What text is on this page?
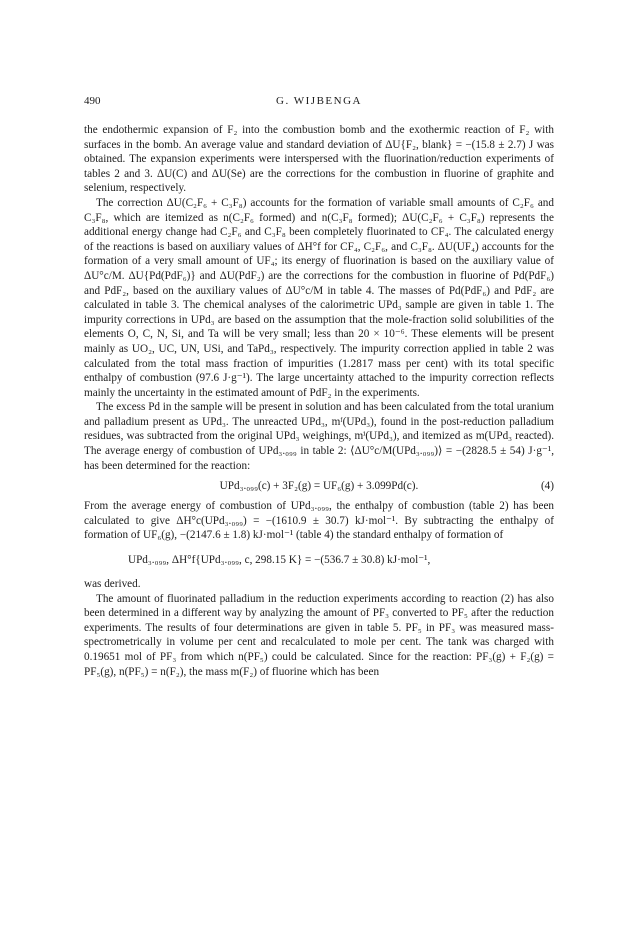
490	G. WIJBENGA

the endothermic expansion of F₂ into the combustion bomb and the exothermic reaction of F₂ with surfaces in the bomb. An average value and standard deviation of ΔU{F₂, blank} = −(15.8 ± 2.7) J was obtained. The expansion experiments were interspersed with the fluorination/reduction experiments of tables 2 and 3. ΔU(C) and ΔU(Se) are the corrections for the combustion in fluorine of graphite and selenium, respectively.

The correction ΔU(C₂F₆ + C₃F₈) accounts for the formation of variable small amounts of C₂F₆ and C₃F₈, which are itemized as n(C₂F₆ formed) and n(C₃F₈ formed); ΔU(C₂F₆ + C₃F₈) represents the additional energy change had C₂F₆ and C₃F₈ been completely fluorinated to CF₄. The calculated energy of the reactions is based on auxiliary values of ΔH°f for CF₄, C₂F₆, and C₃F₈. ΔU(UF₄) accounts for the formation of a very small amount of UF₄; its energy of fluorination is based on the auxiliary value of ΔU°c/M. ΔU{Pd(PdF₆)} and ΔU(PdF₂) are the corrections for the combustion in fluorine of Pd(PdF₆) and PdF₂, based on the auxiliary values of ΔU°c/M in table 4. The masses of Pd(PdF₆) and PdF₂ are calculated in table 3. The chemical analyses of the calorimetric UPd₃ sample are given in table 1. The impurity corrections in UPd₃ are based on the assumption that the mole-fraction solid solubilities of the elements O, C, N, Si, and Ta will be very small; less than 20 × 10⁻⁶. These elements will be present mainly as UO₂, UC, UN, USi, and TaPd₃, respectively. The impurity correction applied in table 2 was calculated from the total mass fraction of impurities (1.2817 mass per cent) with its total specific enthalpy of combustion (97.6 J·g⁻¹). The large uncertainty attached to the impurity correction reflects mainly the uncertainty in the estimated amount of PdF₂ in the experiments.

The excess Pd in the sample will be present in solution and has been calculated from the total uranium and palladium present as UPd₃. The unreacted UPd₃, mᶠ(UPd₃), found in the post-reduction palladium residues, was subtracted from the original UPd₃ weighings, mⁱ(UPd₃), and itemized as m(UPd₃ reacted). The average energy of combustion of UPd₃.₀₉₉ in table 2: ⟨ΔU°c/M(UPd₃.₀₉₉)⟩ = −(2828.5 ± 54) J·g⁻¹, has been determined for the reaction:

UPd₃.₀₉₉(c) + 3F₂(g) = UF₆(g) + 3.099Pd(c).	(4)

From the average energy of combustion of UPd₃.₀₉₉, the enthalpy of combustion (table 2) has been calculated to give ΔH°c(UPd₃.₀₉₉) = −(1610.9 ± 30.7) kJ·mol⁻¹. By subtracting the enthalpy of formation of UF₆(g), −(2147.6 ± 1.8) kJ·mol⁻¹ (table 4) the standard enthalpy of formation of

UPd₃.₀₉₉, ΔH°f{UPd₃.₀₉₉, c, 298.15 K} = −(536.7 ± 30.8) kJ·mol⁻¹,

was derived.

The amount of fluorinated palladium in the reduction experiments according to reaction (2) has also been determined in a different way by analyzing the amount of PF₃ converted to PF₅ after the reduction experiments. The results of four determinations are given in table 5. PF₅ in PF₃ was measured mass-spectrometrically in volume per cent and recalculated to mole per cent. The tank was charged with 0.19651 mol of PF₃ from which n(PF₅) could be calculated. Since for the reaction: PF₃(g) + F₂(g) = PF₅(g), n(PF₅) = n(F₂), the mass m(F₂) of fluorine which has been
